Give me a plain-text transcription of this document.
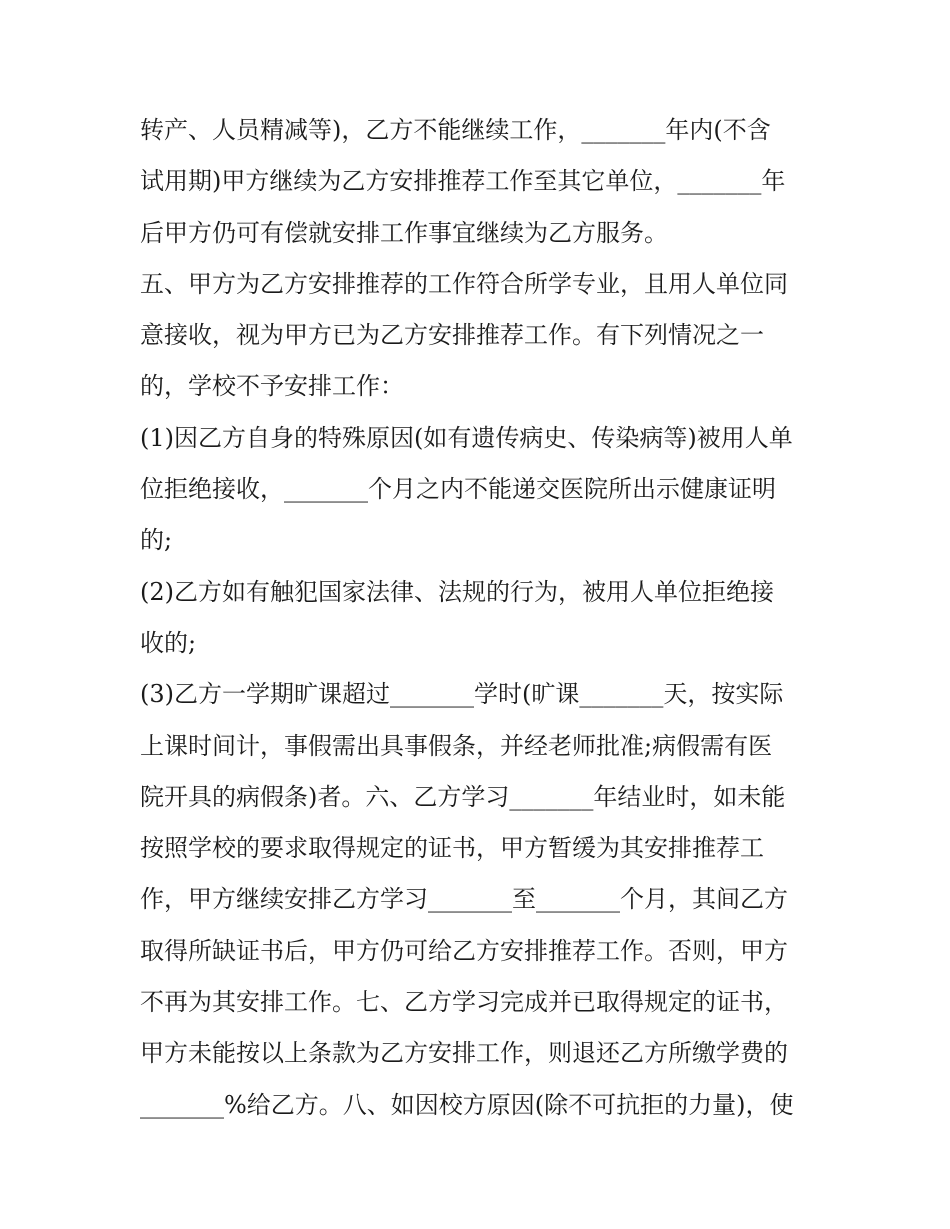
转产、人员精减等)，乙方不能继续工作，_______年内(不含
试用期)甲方继续为乙方安排推荐工作至其它单位，_______年
后甲方仍可有偿就安排工作事宜继续为乙方服务。
五、甲方为乙方安排推荐的工作符合所学专业，且用人单位同
意接收，视为甲方已为乙方安排推荐工作。有下列情况之一
的，学校不予安排工作：
(1)因乙方自身的特殊原因(如有遗传病史、传染病等)被用人单
位拒绝接收，_______个月之内不能递交医院所出示健康证明
的;
(2)乙方如有触犯国家法律、法规的行为，被用人单位拒绝接
收的;
(3)乙方一学期旷课超过_______学时(旷课_______天，按实际
上课时间计，事假需出具事假条，并经老师批准;病假需有医
院开具的病假条)者。六、乙方学习_______年结业时，如未能
按照学校的要求取得规定的证书，甲方暂缓为其安排推荐工
作，甲方继续安排乙方学习_______至_______个月，其间乙方
取得所缺证书后，甲方仍可给乙方安排推荐工作。否则，甲方
不再为其安排工作。七、乙方学习完成并已取得规定的证书，
甲方未能按以上条款为乙方安排工作，则退还乙方所缴学费的
_______%给乙方。八、如因校方原因(除不可抗拒的力量)，使
